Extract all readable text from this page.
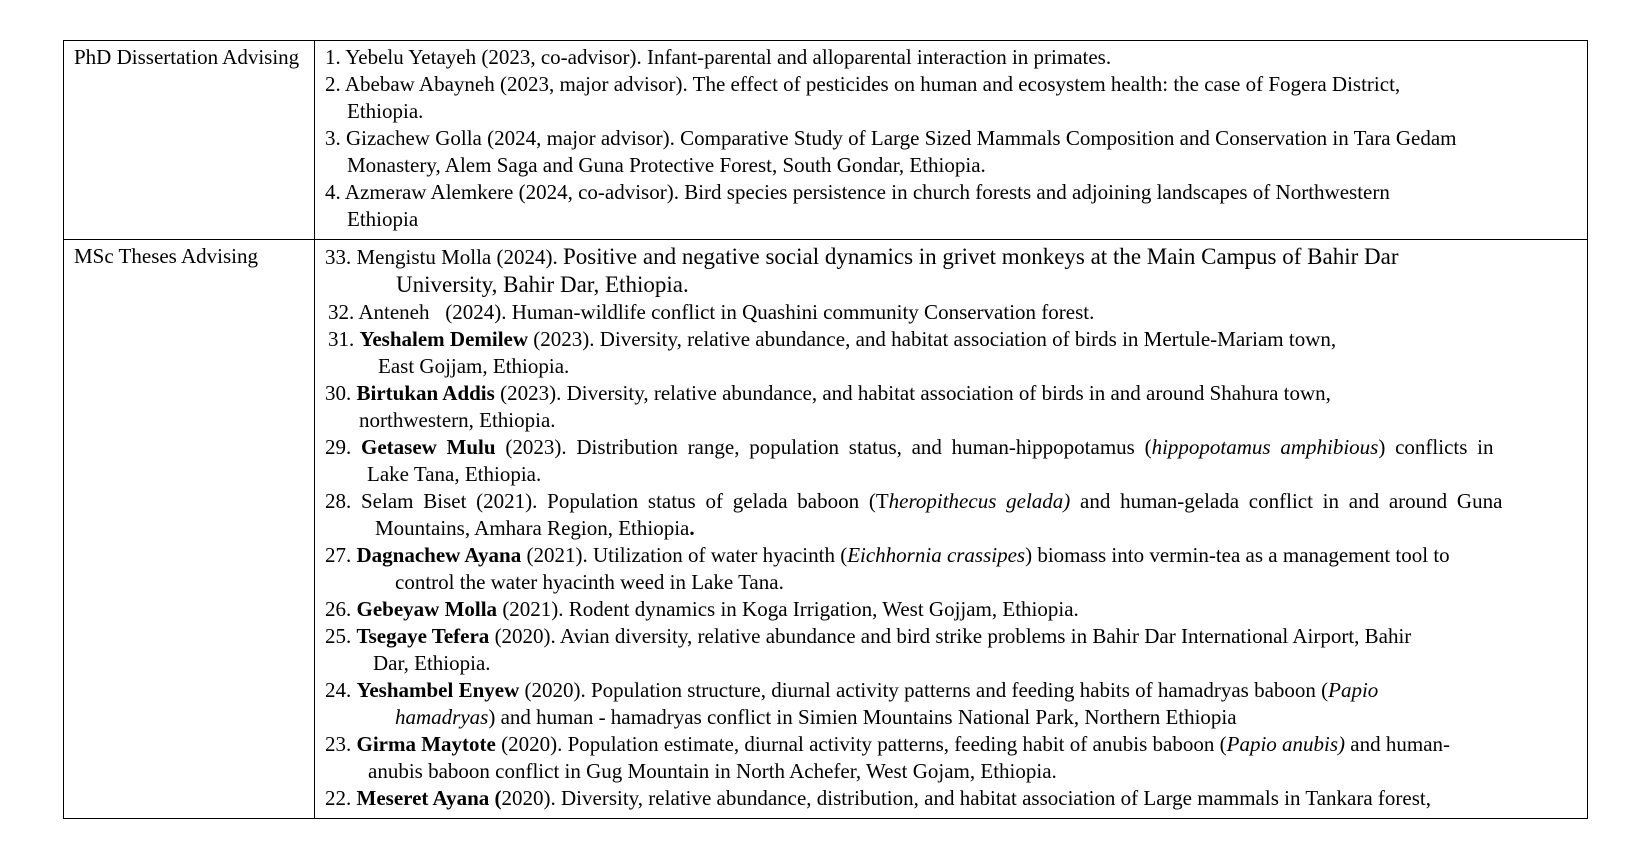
PhD Dissertation Advising	1. Yebelu Yetayeh (2023, co-advisor). Infant-parental and alloparental interaction in primates.
2. Abebaw Abayneh (2023, major advisor). The effect of pesticides on human and ecosystem health: the case of Fogera District,
Ethiopia.
3. Gizachew Golla (2024, major advisor). Comparative Study of Large Sized Mammals Composition and Conservation in Tara Gedam
Monastery, Alem Saga and Guna Protective Forest, South Gondar, Ethiopia.
4. Azmeraw Alemkere (2024, co-advisor). Bird species persistence in church forests and adjoining landscapes of Northwestern
Ethiopia

MSc Theses Advising	33. Mengistu Molla (2024). Positive and negative social dynamics in grivet monkeys at the Main Campus of Bahir Dar
University, Bahir Dar, Ethiopia.
32. Anteneh   (2024). Human-wildlife conflict in Quashini community Conservation forest.
31. Yeshalem Demilew (2023). Diversity, relative abundance, and habitat association of birds in Mertule-Mariam town,
East Gojjam, Ethiopia.
30. Birtukan Addis (2023). Diversity, relative abundance, and habitat association of birds in and around Shahura town,
northwestern, Ethiopia.
29. Getasew Mulu (2023). Distribution range, population status, and human-hippopotamus (hippopotamus amphibious) conflicts in
Lake Tana, Ethiopia.
28. Selam Biset (2021). Population status of gelada baboon (Theropithecus gelada) and human-gelada conflict in and around Guna
Mountains, Amhara Region, Ethiopia.
27. Dagnachew Ayana (2021). Utilization of water hyacinth (Eichhornia crassipes) biomass into vermin-tea as a management tool to
control the water hyacinth weed in Lake Tana.
26. Gebeyaw Molla (2021). Rodent dynamics in Koga Irrigation, West Gojjam, Ethiopia.
25. Tsegaye Tefera (2020). Avian diversity, relative abundance and bird strike problems in Bahir Dar International Airport, Bahir
Dar, Ethiopia.
24. Yeshambel Enyew (2020). Population structure, diurnal activity patterns and feeding habits of hamadryas baboon (Papio
hamadryas) and human - hamadryas conflict in Simien Mountains National Park, Northern Ethiopia
23. Girma Maytote (2020). Population estimate, diurnal activity patterns, feeding habit of anubis baboon (Papio anubis) and human-
anubis baboon conflict in Gug Mountain in North Achefer, West Gojam, Ethiopia.
22. Meseret Ayana (2020). Diversity, relative abundance, distribution, and habitat association of Large mammals in Tankara forest,
